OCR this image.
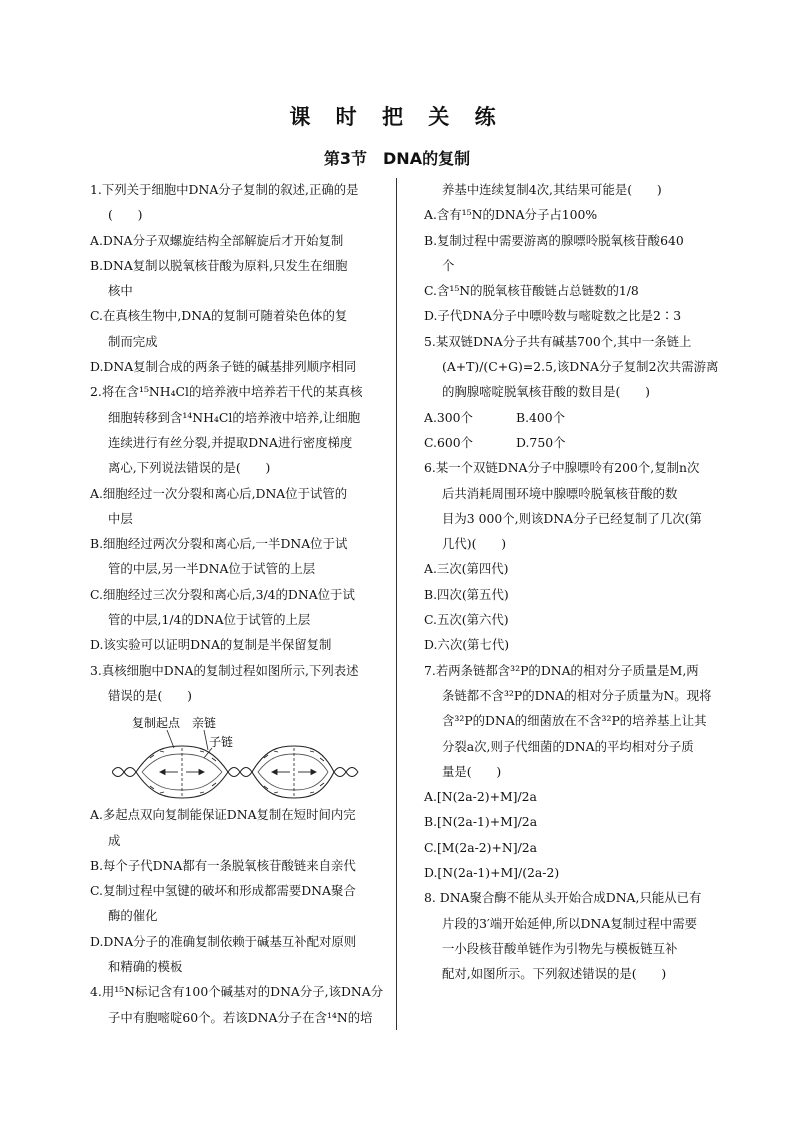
课 时 把 关 练
第3节　DNA的复制
1.下列关于细胞中DNA分子复制的叙述,正确的是
(　　)
A.DNA分子双螺旋结构全部解旋后才开始复制
B.DNA复制以脱氧核苷酸为原料,只发生在细胞
核中
C.在真核生物中,DNA的复制可随着染色体的复
制而完成
D.DNA复制合成的两条子链的碱基排列顺序相同
2.将在含¹⁵NH₄Cl的培养液中培养若干代的某真核
细胞转移到含¹⁴NH₄Cl的培养液中培养,让细胞
连续进行有丝分裂,并提取DNA进行密度梯度
离心,下列说法错误的是(　　)
A.细胞经过一次分裂和离心后,DNA位于试管的
中层
B.细胞经过两次分裂和离心后,一半DNA位于试
管的中层,另一半DNA位于试管的上层
C.细胞经过三次分裂和离心后,3/4的DNA位于试
管的中层,1/4的DNA位于试管的上层
D.该实验可以证明DNA的复制是半保留复制
3.真核细胞中DNA的复制过程如图所示,下列表述
错误的是(　　)
复制起点 亲链
子链
A.多起点双向复制能保证DNA复制在短时间内完
成
B.每个子代DNA都有一条脱氧核苷酸链来自亲代
C.复制过程中氢键的破坏和形成都需要DNA聚合
酶的催化
D.DNA分子的准确复制依赖于碱基互补配对原则
和精确的模板
4.用¹⁵N标记含有100个碱基对的DNA分子,该DNA分
子中有胞嘧啶60个。若该DNA分子在含¹⁴N的培
养基中连续复制4次,其结果可能是(　　)
A.含有¹⁵N的DNA分子占100%
B.复制过程中需要游离的腺嘌呤脱氧核苷酸640
个
C.含¹⁵N的脱氧核苷酸链占总链数的1/8
D.子代DNA分子中嘌呤数与嘧啶数之比是2∶3
5.某双链DNA分子共有碱基700个,其中一条链上
(A+T)/(C+G)=2.5,该DNA分子复制2次共需游离
的胸腺嘧啶脱氧核苷酸的数目是(　　)
A.300个	B.400个
C.600个	D.750个
6.某一个双链DNA分子中腺嘌呤有200个,复制n次
后共消耗周围环境中腺嘌呤脱氧核苷酸的数
目为3 000个,则该DNA分子已经复制了几次(第
几代)(　　)
A.三次(第四代)
B.四次(第五代)
C.五次(第六代)
D.六次(第七代)
7.若两条链都含³²P的DNA的相对分子质量是M,两
条链都不含³²P的DNA的相对分子质量为N。现将
含³²P的DNA的细菌放在不含³²P的培养基上让其
分裂a次,则子代细菌的DNA的平均相对分子质
量是(　　)
A.[N(2a-2)+M]/2a
B.[N(2a-1)+M]/2a
C.[M(2a-2)+N]/2a
D.[N(2a-1)+M]/(2a-2)
8. DNA聚合酶不能从头开始合成DNA,只能从已有
片段的3′端开始延伸,所以DNA复制过程中需要
一小段核苷酸单链作为引物先与模板链互补
配对,如图所示。下列叙述错误的是(　　)
